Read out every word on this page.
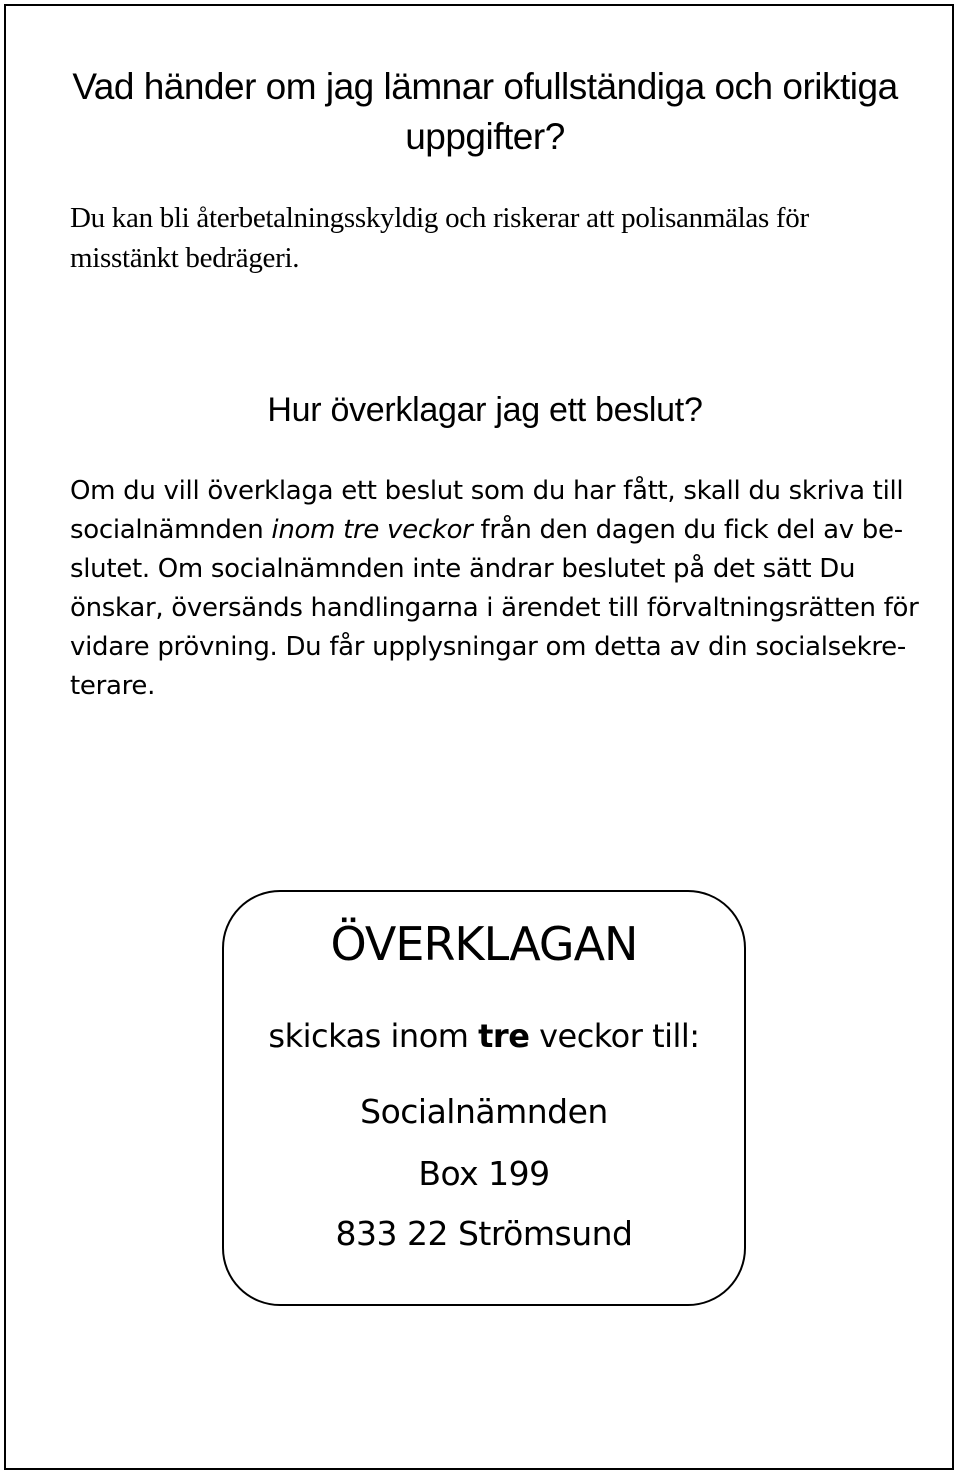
Vad händer om jag lämnar ofullständiga och oriktiga
uppgifter?
Du kan bli återbetalningsskyldig och riskerar att polisanmälas för
misstänkt bedrägeri.
Hur överklagar jag ett beslut?
Om du vill överklaga ett beslut som du har fått, skall du skriva till
socialnämnden inom tre veckor från den dagen du fick del av be-
slutet. Om socialnämnden inte ändrar beslutet på det sätt Du
önskar, översänds handlingarna i ärendet till förvaltningsrätten för
vidare prövning. Du får upplysningar om detta av din socialsekre-
terare.
ÖVERKLAGAN
skickas inom tre veckor till:
Socialnämnden
Box 199
833 22 Strömsund
